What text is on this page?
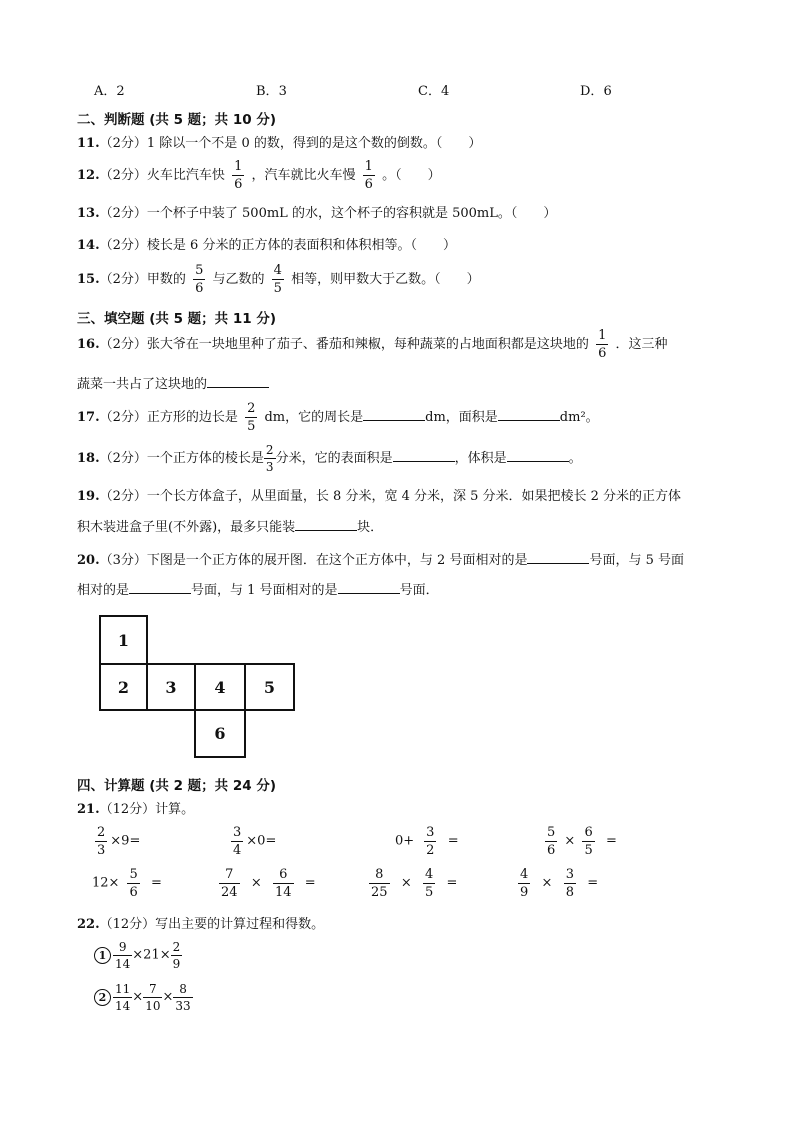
A．2	B．3	C．4	D．6
二、判断题 (共 5 题；共 10 分)
11.（2分）1 除以一个不是 0 的数，得到的是这个数的倒数。（　　）
12.（2分）火车比汽车快 $\frac{1}{6}$ ，汽车就比火车慢 $\frac{1}{6}$ 。（　　）
13.（2分）一个杯子中装了 500mL 的水，这个杯子的容积就是 500mL。（　　）
14.（2分）棱长是 6 分米的正方体的表面积和体积相等。（　　）
15.（2分）甲数的 $\frac{5}{6}$ 与乙数的 $\frac{4}{5}$ 相等，则甲数大于乙数。（　　）
三、填空题 (共 5 题；共 11 分)
16.（2分）张大爷在一块地里种了茄子、番茄和辣椒，每种蔬菜的占地面积都是这块地的 $\frac{1}{6}$ ．这三种
蔬菜一共占了这块地的
17.（2分）正方形的边长是 $\frac{2}{5}$ dm，它的周长是	dm，面积是	dm²。
18.（2分）一个正方体的棱长是 $\frac{2}{3}$ 分米，它的表面积是	，体积是	。
19.（2分）一个长方体盒子，从里面量，长 8 分米，宽 4 分米，深 5 分米．如果把棱长 2 分米的正方体
积木装进盒子里(不外露)，最多只能装	块．
20.（3分）下图是一个正方体的展开图．在这个正方体中，与 2 号面相对的是	号面，与 5 号面
相对的是	号面，与 1 号面相对的是	号面．
1
2	3	4	5
6
四、计算题 (共 2 题；共 24 分)
21.（12分）计算。
$\frac{2}{3} \times 9=$	$\frac{3}{4} \times 0=$	$0+ \frac{3}{2}$ =	$\frac{5}{6} \times \frac{6}{5}$ =
$12\times \frac{5}{6}$ =	$\frac{7}{24} \times \frac{6}{14}$ =	$\frac{8}{25} \times \frac{4}{5}$ =	$\frac{4}{9} \times \frac{3}{8}$ =
22.（12分）写出主要的计算过程和得数。
$1 \frac{9}{14} \times 21\times \frac{2}{9}$
$2 \frac{11}{14} \times \frac{7}{10} \times \frac{8}{33}$
